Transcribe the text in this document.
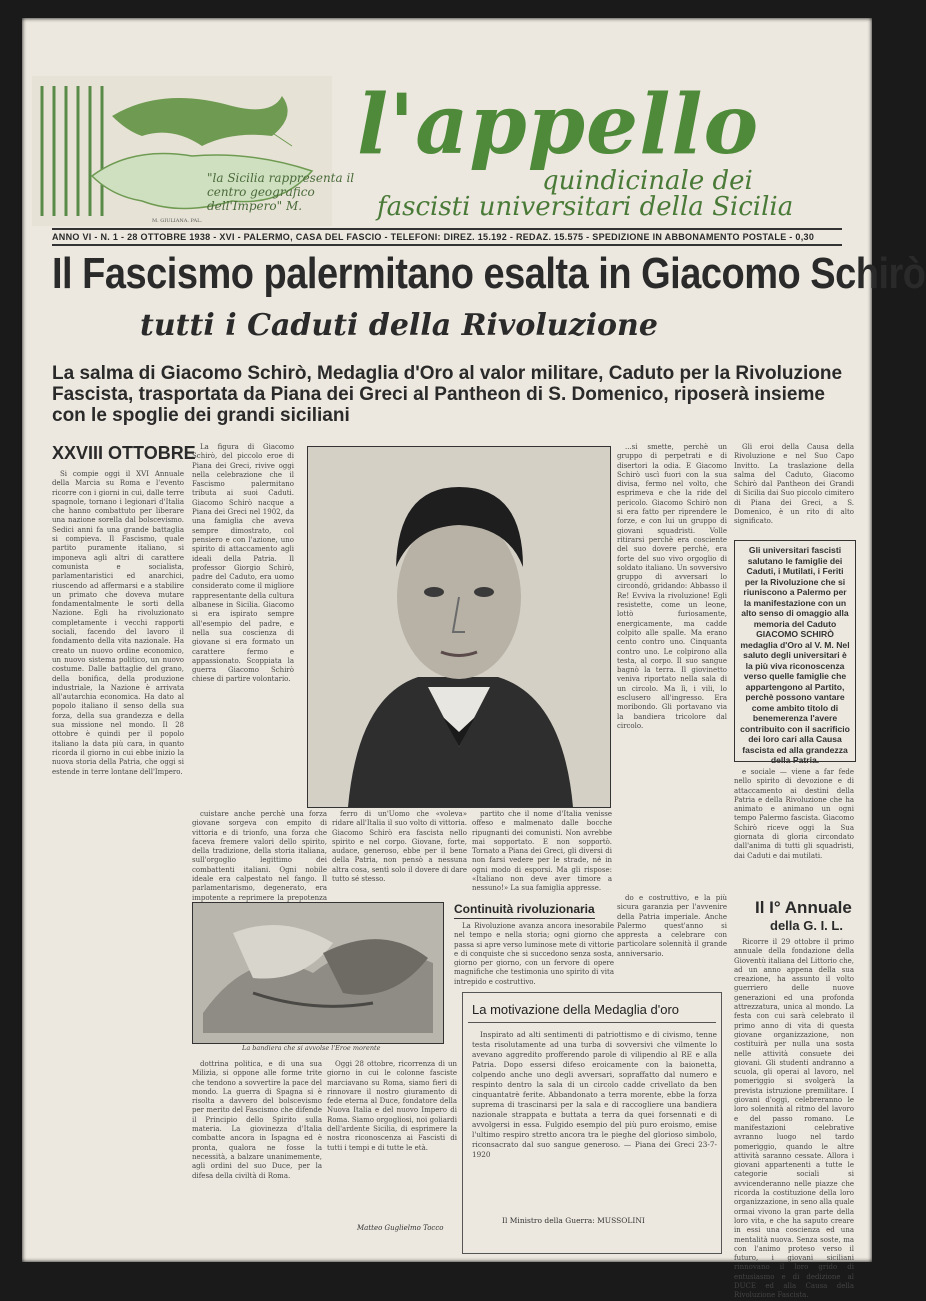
M. GIULIANA. PAL.
"la Sicilia rappresenta il centro geografico dell'Impero" M.
l'appello
quindicinale dei
fascisti universitari della Sicilia
ANNO VI - N. 1 - 28 OTTOBRE 1938 - XVI - PALERMO, CASA DEL FASCIO - TELEFONI: DIREZ. 15.192 - REDAZ. 15.575 - SPEDIZIONE IN ABBONAMENTO POSTALE - 0,30
Il Fascismo palermitano esalta in Giacomo Schirò
tutti i Caduti della Rivoluzione
La salma di Giacomo Schirò, Medaglia d'Oro al valor militare, Caduto per la Rivoluzione Fascista, trasportata da Piana dei Greci al Pantheon di S. Domenico, riposerà insieme con le spoglie dei grandi siciliani
XXVIII OTTOBRE

Si compie oggi il XVI Annuale della Marcia su Roma e l'evento ricorre con i giorni in cui, dalle terre spagnole, tornano i legionari d'Italia che hanno combattuto per liberare una nazione sorella dal bolscevismo. Sedici anni fa una grande battaglia si compieva. Il Fascismo, quale partito puramente italiano, si imponeva agli altri di carattere comunista e socialista, parlamentaristici ed anarchici, riuscendo ad affermarsi e a stabilire un primato che doveva mutare fondamentalmente le sorti della Nazione. Egli ha rivoluzionato completamente i vecchi rapporti sociali, facendo del lavoro il fondamento della vita nazionale. Ha creato un nuovo ordine economico, un nuovo sistema politico, un nuovo costume. Dalle battaglie del grano, della bonifica, della produzione industriale, la Nazione è arrivata all'autarchia economica. Ha dato al popolo italiano il senso della sua forza, della sua grandezza e della sua missione nel mondo. Il 28 ottobre è quindi per il popolo italiano la data più cara, in quanto ricorda il giorno in cui ebbe inizio la nuova storia della Patria, che oggi si estende in terre lontane dell'Impero.

La figura di Giacomo Schirò, del piccolo eroe di Piana dei Greci, rivive oggi nella celebrazione che il Fascismo palermitano tributa ai suoi Caduti. Giacomo Schirò nacque a Piana dei Greci nel 1902, da una famiglia che aveva sempre dimostrato, col pensiero e con l'azione, uno spirito di attaccamento agli ideali della Patria. Il professor Giorgio Schirò, padre del Caduto, era uomo considerato come il migliore rappresentante della cultura albanese in Sicilia. Giacomo si era ispirato sempre all'esempio del padre, e nella sua coscienza di giovane si era formato un carattere fermo e appassionato. Scoppiata la guerra Giacomo Schirò chiese di partire volontario.

...si smette, perchè un gruppo di perpetrati e di disertori la odia. E Giacomo Schirò uscì fuori con la sua divisa, fermo nel volto, che esprimeva e che la ride del pericolo. Giacomo Schirò non si era fatto per riprendere le forze, e con lui un gruppo di giovani squadristi. Volle ritirarsi perchè era cosciente del suo dovere perchè, era forte del suo vivo orgoglio di soldato italiano. Un sovversivo gruppo di avversari lo circondò, gridando: Abbasso il Re! Evviva la rivoluzione! Egli resistette, come un leone, lottò furiosamente, energicamente, ma cadde colpito alle spalle. Ma erano cento contro uno. Cinquanta contro uno. Le colpirono alla testa, al corpo. Il suo sangue bagnò la terra. Il giovinetto veniva riportato nella sala di un circolo. Ma lì, i vili, lo esclusero all'ingresso. Era moribondo. Gli portavano via la bandiera tricolore dal circolo.

Gli eroi della Causa della Rivoluzione e nel Suo Capo Invitto. La traslazione della salma del Caduto, Giacomo Schirò dal Pantheon dei Grandi di Sicilia dai Suo piccolo cimitero di Piana dei Greci, a S. Domenico, è un rito di alto significato.

Gli universitari fascisti salutano le famiglie dei Caduti, i Mutilati, i Feriti per la Rivoluzione che si riuniscono a Palermo per la manifestazione con un alto senso di omaggio alla memoria del Caduto GIACOMO SCHIRÒ medaglia d'Oro al V. M. Nel saluto degli universitari è la più viva riconoscenza verso quelle famiglie che appartengono al Partito, perchè possono vantare come ambito titolo di benemerenza l'avere contribuito con il sacrificio dei loro cari alla Causa fascista ed alla grandezza della Patria.

e sociale — viene a far fede nello spirito di devozione e di attaccamento ai destini della Patria e della Rivoluzione che ha animato e animano un ogni tempo Palermo fascista. Giacomo Schirò riceve oggi la Sua giornata di gloria circondato dall'anima di tutti gli squadristi, dai Caduti e dai mutilati.

cuistare anche perchè una forza giovane sorgeva con empito di vittoria e di trionfo, una forza che faceva fremere valori dello spirito, della tradizione, della storia italiana, sull'orgoglio legittimo dei combattenti italiani. Ogni nobile ideale era calpestato nel fango. Il parlamentarismo, degenerato, era impotente a reprimere la prepotenza

ferro di un'Uomo che «voleva» ridare all'Italia il suo volto di vittoria. Giacomo Schirò era fascista nello spirito e nel corpo. Giovane, forte, audace, generoso, ebbe per il bene della Patria, non pensò a nessuna altra cosa, sentì solo il dovere di dare tutto sé stesso.

partito che il nome d'Italia venisse offeso e malmenato dalle bocche ripugnanti dei comunisti. Non avrebbe mai sopportato. E non sopportò. Tornato a Piana dei Greci, gli diversi di non farsi vedere per le strade, né in ogni modo di esporsi. Ma gli rispose: «Italiano non deve aver timore a nessuno!» La sua famiglia appresse.

La bandiera che si avvolse l'Eroe morente
Continuità rivoluzionaria

La Rivoluzione avanza ancora inesorabile nel tempo e nella storia; ogni giorno che passa si apre verso luminose mete di vittorie e di conquiste che si succedono senza sosta, giorno per giorno, con un fervore di opere magnifiche che testimonia uno spirito di vita intrepido e costruttivo.

do e costruttivo, e la più sicura garanzia per l'avvenire della Patria imperiale. Anche Palermo quest'anno si appresta a celebrare con particolare solennità il grande anniversario.

dottrina politica, e di una sua Milizia, si oppone alle forme trite che tendono a sovvertire la pace del mondo. La guerra di Spagna si è risolta a davvero del bolscevismo per merito del Fascismo che difende il Principio dello Spirito sulla materia. La giovinezza d'Italia combatte ancora in Ispagna ed è pronta, qualora ne fosse la necessità, a balzare unanimemente, agli ordini del suo Duce, per la difesa della civiltà di Roma.

Oggi 28 ottobre, ricorrenza di un giorno in cui le colonne fasciste marciavano su Roma, siamo fieri di rinnovare il nostro giuramento di fede eterna al Duce, fondatore della Nuova Italia e del nuovo Impero di Roma. Siamo orgogliosi, noi goliardi dell'ardente Sicilia, di esprimere la nostra riconoscenza ai Fascisti di tutti i tempi e di tutte le età.

Matteo Guglielmo Tocco
La motivazione della Medaglia d'oro

Inspirato ad alti sentimenti di patriottismo e di civismo, tenne testa risolutamente ad una turba di sovversivi che vilmente lo avevano aggredito profferendo parole di vilipendio al RE e alla Patria. Dopo essersi difeso eroicamente con la baionetta, colpendo anche uno degli avversari, sopraffatto dal numero e respinto dentro la sala di un circolo cadde crivellato da ben cinquantatrè ferite. Abbandonato a terra morente, ebbe la forza suprema di trascinarsi per la sala e di raccogliere una bandiera nazionale strappata e buttata a terra da quei forsennati e di avvolgersi in essa. Fulgido esempio del più puro eroismo, emise l'ultimo respiro stretto ancora tra le pieghe del glorioso simbolo, riconsacrato dal suo sangue generoso. — Piana dei Greci 23-7-1920

Il Ministro della Guerra: MUSSOLINI
Il I° Annuale
della G. I. L.

Ricorre il 29 ottobre il primo annuale della fondazione della Gioventù italiana del Littorio che, ad un anno appena della sua creazione, ha assunto il volto guerriero delle nuove generazioni ed una profonda attrezzatura, unica al mondo. La festa con cui sarà celebrato il primo anno di vita di questa giovane organizzazione, non costituirà per nulla una sosta nelle attività consuete dei giovani. Gli studenti andranno a scuola, gli operai al lavoro, nel pomeriggio si svolgerà la prevista istruzione premilitare. I giovani d'oggi, celebreranno le loro solennità al ritmo del lavoro e del passo romano. Le manifestazioni celebrative avranno luogo nel tardo pomeriggio, quando le altre attività saranno cessate. Allora i giovani appartenenti a tutte le categorie sociali si avvicenderanno nelle piazze che ricorda la costituzione della loro organizzazione, in seno alla quale ormai vivono la gran parte della loro vita, e che ha saputo creare in essi una coscienza ed una mentalità nuova. Senza soste, ma con l'animo proteso verso il futuro, i giovani siciliani rinnovano il loro grido di entusiasmo e di dedizione al DUCE ed alla Causa della Rivoluzione Fascista.
